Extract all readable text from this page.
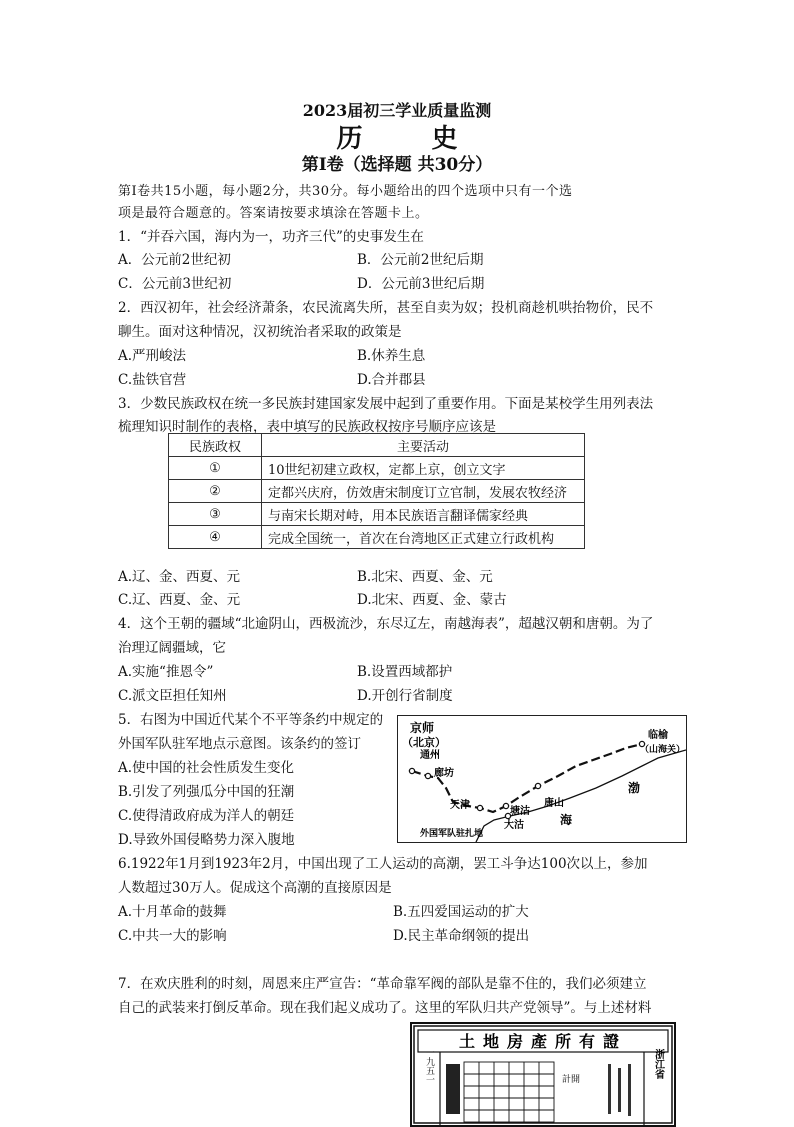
2023届初三学业质量监测
历 史
第Ⅰ卷（选择题 共30分）
第Ⅰ卷共15小题，每小题2分，共30分。每小题给出的四个选项中只有一个选
项是最符合题意的。答案请按要求填涂在答题卡上。
1．“并吞六国，海内为一，功齐三代”的史事发生在
A．公元前2世纪初	B．公元前2世纪后期
C．公元前3世纪初	D．公元前3世纪后期
2．西汉初年，社会经济萧条，农民流离失所，甚至自卖为奴；投机商趁机哄抬物价，民不
聊生。面对这种情况，汉初统治者采取的政策是
A.严刑峻法	B.休养生息
C.盐铁官营	D.合并郡县
3．少数民族政权在统一多民族封建国家发展中起到了重要作用。下面是某校学生用列表法
梳理知识时制作的表格，表中填写的民族政权按序号顺序应该是
民族政权	主要活动
①	10世纪初建立政权，定都上京，创立文字
②	定都兴庆府，仿效唐宋制度订立官制，发展农牧经济
③	与南宋长期对峙，用本民族语言翻译儒家经典
④	完成全国统一，首次在台湾地区正式建立行政机构
A.辽、金、西夏、元	B.北宋、西夏、金、元
C.辽、西夏、金、元	D.北宋、西夏、金、蒙古
4．这个王朝的疆域“北逾阴山，西极流沙，东尽辽左，南越海表”，超越汉朝和唐朝。为了
治理辽阔疆域，它
A.实施“推恩令”	B.设置西域都护
C.派文臣担任知州	D.开创行省制度
5．右图为中国近代某个不平等条约中规定的
外国军队驻军地点示意图。该条约的签订
A.使中国的社会性质发生变化
B.引发了列强瓜分中国的狂潮
C.使得清政府成为洋人的朝廷
D.导致外国侵略势力深入腹地
京师
（北京）
通州
廊坊
天津
塘沽
大沽
唐山
临榆
（山海关）
渤
海
外国军队驻扎地
6.1922年1月到1923年2月，中国出现了工人运动的高潮，罢工斗争达100次以上，参加
人数超过30万人。促成这个高潮的直接原因是
A.十月革命的鼓舞	B.五四爱国运动的扩大
C.中共一大的影响	D.民主革命纲领的提出
7．在欢庆胜利的时刻，周恩来庄严宣告：“革命靠军阀的部队是靠不住的，我们必须建立
自己的武装来打倒反革命。现在我们起义成功了。这里的军队归共产党领导”。与上述材料
土地房產所有證
一九五一	計開
浙江省
